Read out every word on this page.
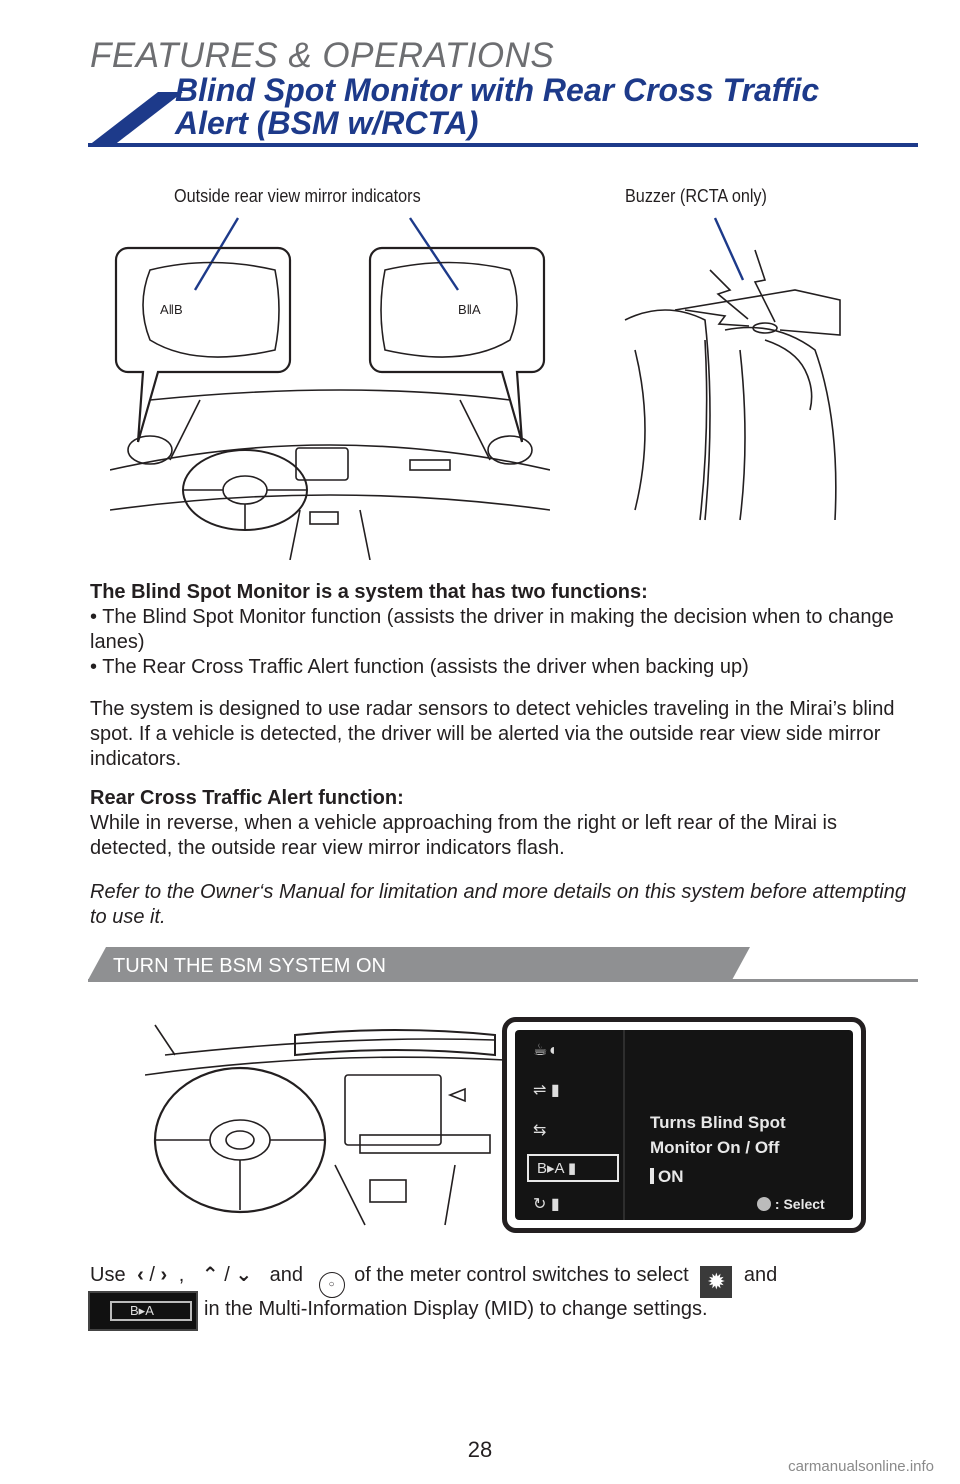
FEATURES & OPERATIONS
Blind Spot Monitor with Rear Cross Traffic
Alert (BSM w/RCTA)
Outside rear view mirror indicators	Buzzer (RCTA only)
A‖B	B‖A

The Blind Spot Monitor is a system that has two functions:

• The Blind Spot Monitor function (assists the driver in making the decision when to change lanes)

• The Rear Cross Traffic Alert function (assists the driver when backing up)

The system is designed to use radar sensors to detect vehicles traveling in the Mirai’s blind spot. If a vehicle is detected, the driver will be alerted via the outside rear view side mirror indicators.

Rear Cross Traffic Alert function:

While in reverse, when a vehicle approaching from the right or left rear of the Mirai is detected, the outside rear view mirror indicators flash.

Refer to the Owner‘s Manual for limitation and more details on this system before attempting to use it.

TURN THE BSM SYSTEM ON
☕◖
⇌ ▮
⇆
B▸A ▮
↻ ▮
Turns Blind Spot
Monitor On / Off
ON
: Select
Use ‹ / › , ⌃ / ⌄ and	○ of the meter control switches to select ✹ and
B▸A	in the Multi-Information Display (MID) to change settings.
28
carmanualsonline.info
